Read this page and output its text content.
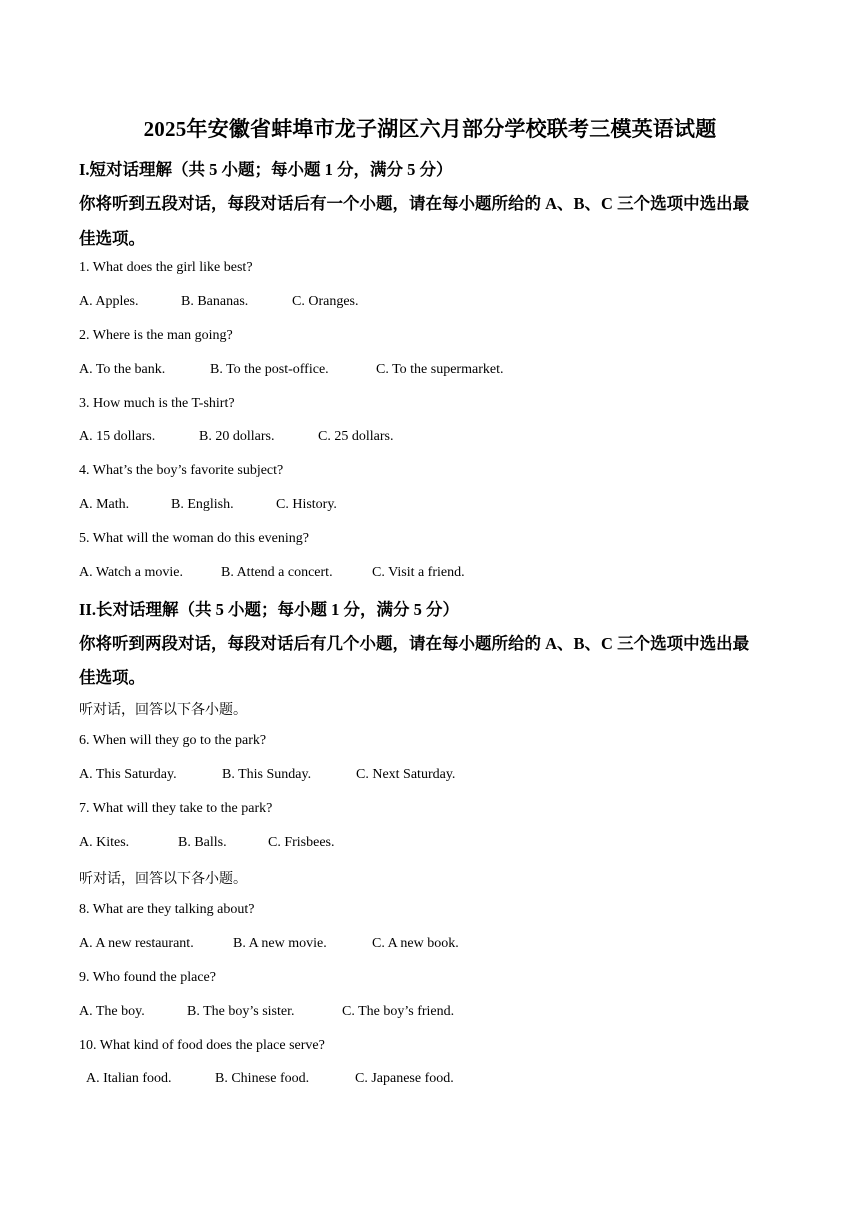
2025年安徽省蚌埠市龙子湖区六月部分学校联考三模英语试题
I.短对话理解（共 5 小题；每小题 1 分，满分 5 分）
你将听到五段对话，每段对话后有一个小题，请在每小题所给的 A、B、C 三个选项中选出最
佳选项。
1. What does the girl like best?
A. Apples.	B. Bananas.	C. Oranges.
2. Where is the man going?
A. To the bank.	B. To the post-office.	C. To the supermarket.
3. How much is the T-shirt?
A. 15 dollars.	B. 20 dollars.	C. 25 dollars.
4. What’s the boy’s favorite subject?
A. Math.	B. English.	C. History.
5. What will the woman do this evening?
A. Watch a movie.	B. Attend a concert.	C. Visit a friend.
II.长对话理解（共 5 小题；每小题 1 分，满分 5 分）
你将听到两段对话，每段对话后有几个小题，请在每小题所给的 A、B、C 三个选项中选出最
佳选项。
听对话，回答以下各小题。
6. When will they go to the park?
A. This Saturday.	B. This Sunday.	C. Next Saturday.
7. What will they take to the park?
A. Kites.	B. Balls.	C. Frisbees.
听对话，回答以下各小题。
8. What are they talking about?
A. A new restaurant.	B. A new movie.	C. A new book.
9. Who found the place?
A. The boy.	B. The boy’s sister.	C. The boy’s friend.
10. What kind of food does the place serve?
A. Italian food.	B. Chinese food.	C. Japanese food.
